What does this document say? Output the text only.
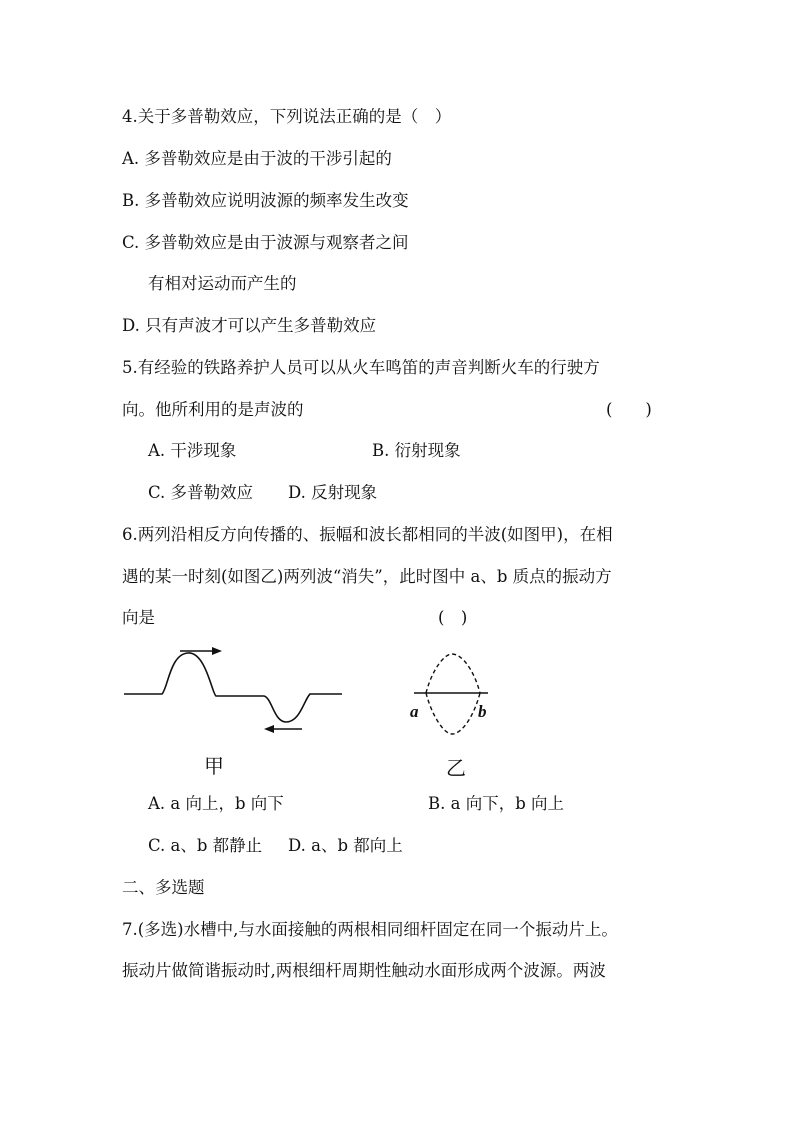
4.关于多普勒效应，下列说法正确的是（　）
A. 多普勒效应是由于波的干涉引起的
B. 多普勒效应说明波源的频率发生改变
C. 多普勒效应是由于波源与观察者之间
有相对运动而产生的
D. 只有声波才可以产生多普勒效应
5.有经验的铁路养护人员可以从火车鸣笛的声音判断火车的行驶方
向。他所利用的是声波的	(　　)
A. 干涉现象	B. 衍射现象
C. 多普勒效应 D. 反射现象
6.两列沿相反方向传播的、振幅和波长都相同的半波(如图甲)，在相
遇的某一时刻(如图乙)两列波“消失”，此时图中 a、b 质点的振动方
向是	(　)
甲
a	b
乙
A. a 向上，b 向下	B. a 向下，b 向上
C. a、b 都静止 D. a、b 都向上
二、多选题
7.(多选)水槽中,与水面接触的两根相同细杆固定在同一个振动片上。
振动片做简谐振动时,两根细杆周期性触动水面形成两个波源。两波
